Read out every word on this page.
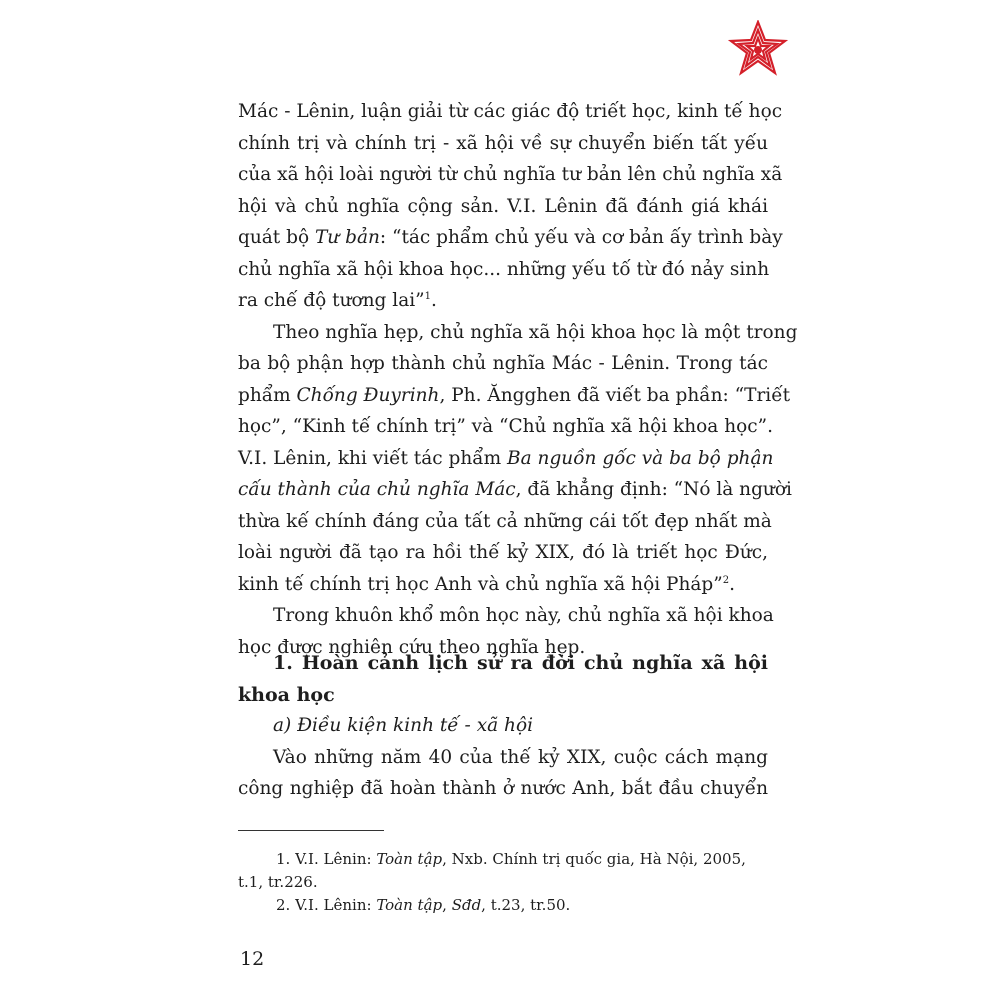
Mác - Lênin, luận giải từ các giác độ triết học, kinh tế học
chính trị và chính trị - xã hội về sự chuyển biến tất yếu
của xã hội loài người từ chủ nghĩa tư bản lên chủ nghĩa xã
hội và chủ nghĩa cộng sản. V.I. Lênin đã đánh giá khái
quát bộ Tư bản: “tác phẩm chủ yếu và cơ bản ấy trình bày
chủ nghĩa xã hội khoa học... những yếu tố từ đó nảy sinh
ra chế độ tương lai”$^1$.

Theo nghĩa hẹp, chủ nghĩa xã hội khoa học là một trong
ba bộ phận hợp thành chủ nghĩa Mác - Lênin. Trong tác
phẩm Chống Đuyrinh, Ph. Ăngghen đã viết ba phần: “Triết
học”, “Kinh tế chính trị” và “Chủ nghĩa xã hội khoa học”.
V.I. Lênin, khi viết tác phẩm Ba nguồn gốc và ba bộ phận
cấu thành của chủ nghĩa Mác, đã khẳng định: “Nó là người
thừa kế chính đáng của tất cả những cái tốt đẹp nhất mà
loài người đã tạo ra hồi thế kỷ XIX, đó là triết học Đức,
kinh tế chính trị học Anh và chủ nghĩa xã hội Pháp”$^2$.

Trong khuôn khổ môn học này, chủ nghĩa xã hội khoa
học được nghiên cứu theo nghĩa hẹp.

1. Hoàn cảnh lịch sử ra đời chủ nghĩa xã hội
khoa học

a) Điều kiện kinh tế - xã hội
Vào những năm 40 của thế kỷ XIX, cuộc cách mạng
công nghiệp đã hoàn thành ở nước Anh, bắt đầu chuyển

1. V.I. Lênin: Toàn tập, Nxb. Chính trị quốc gia, Hà Nội, 2005,
t.1, tr.226.
2. V.I. Lênin: Toàn tập, Sđd, t.23, tr.50.
12
